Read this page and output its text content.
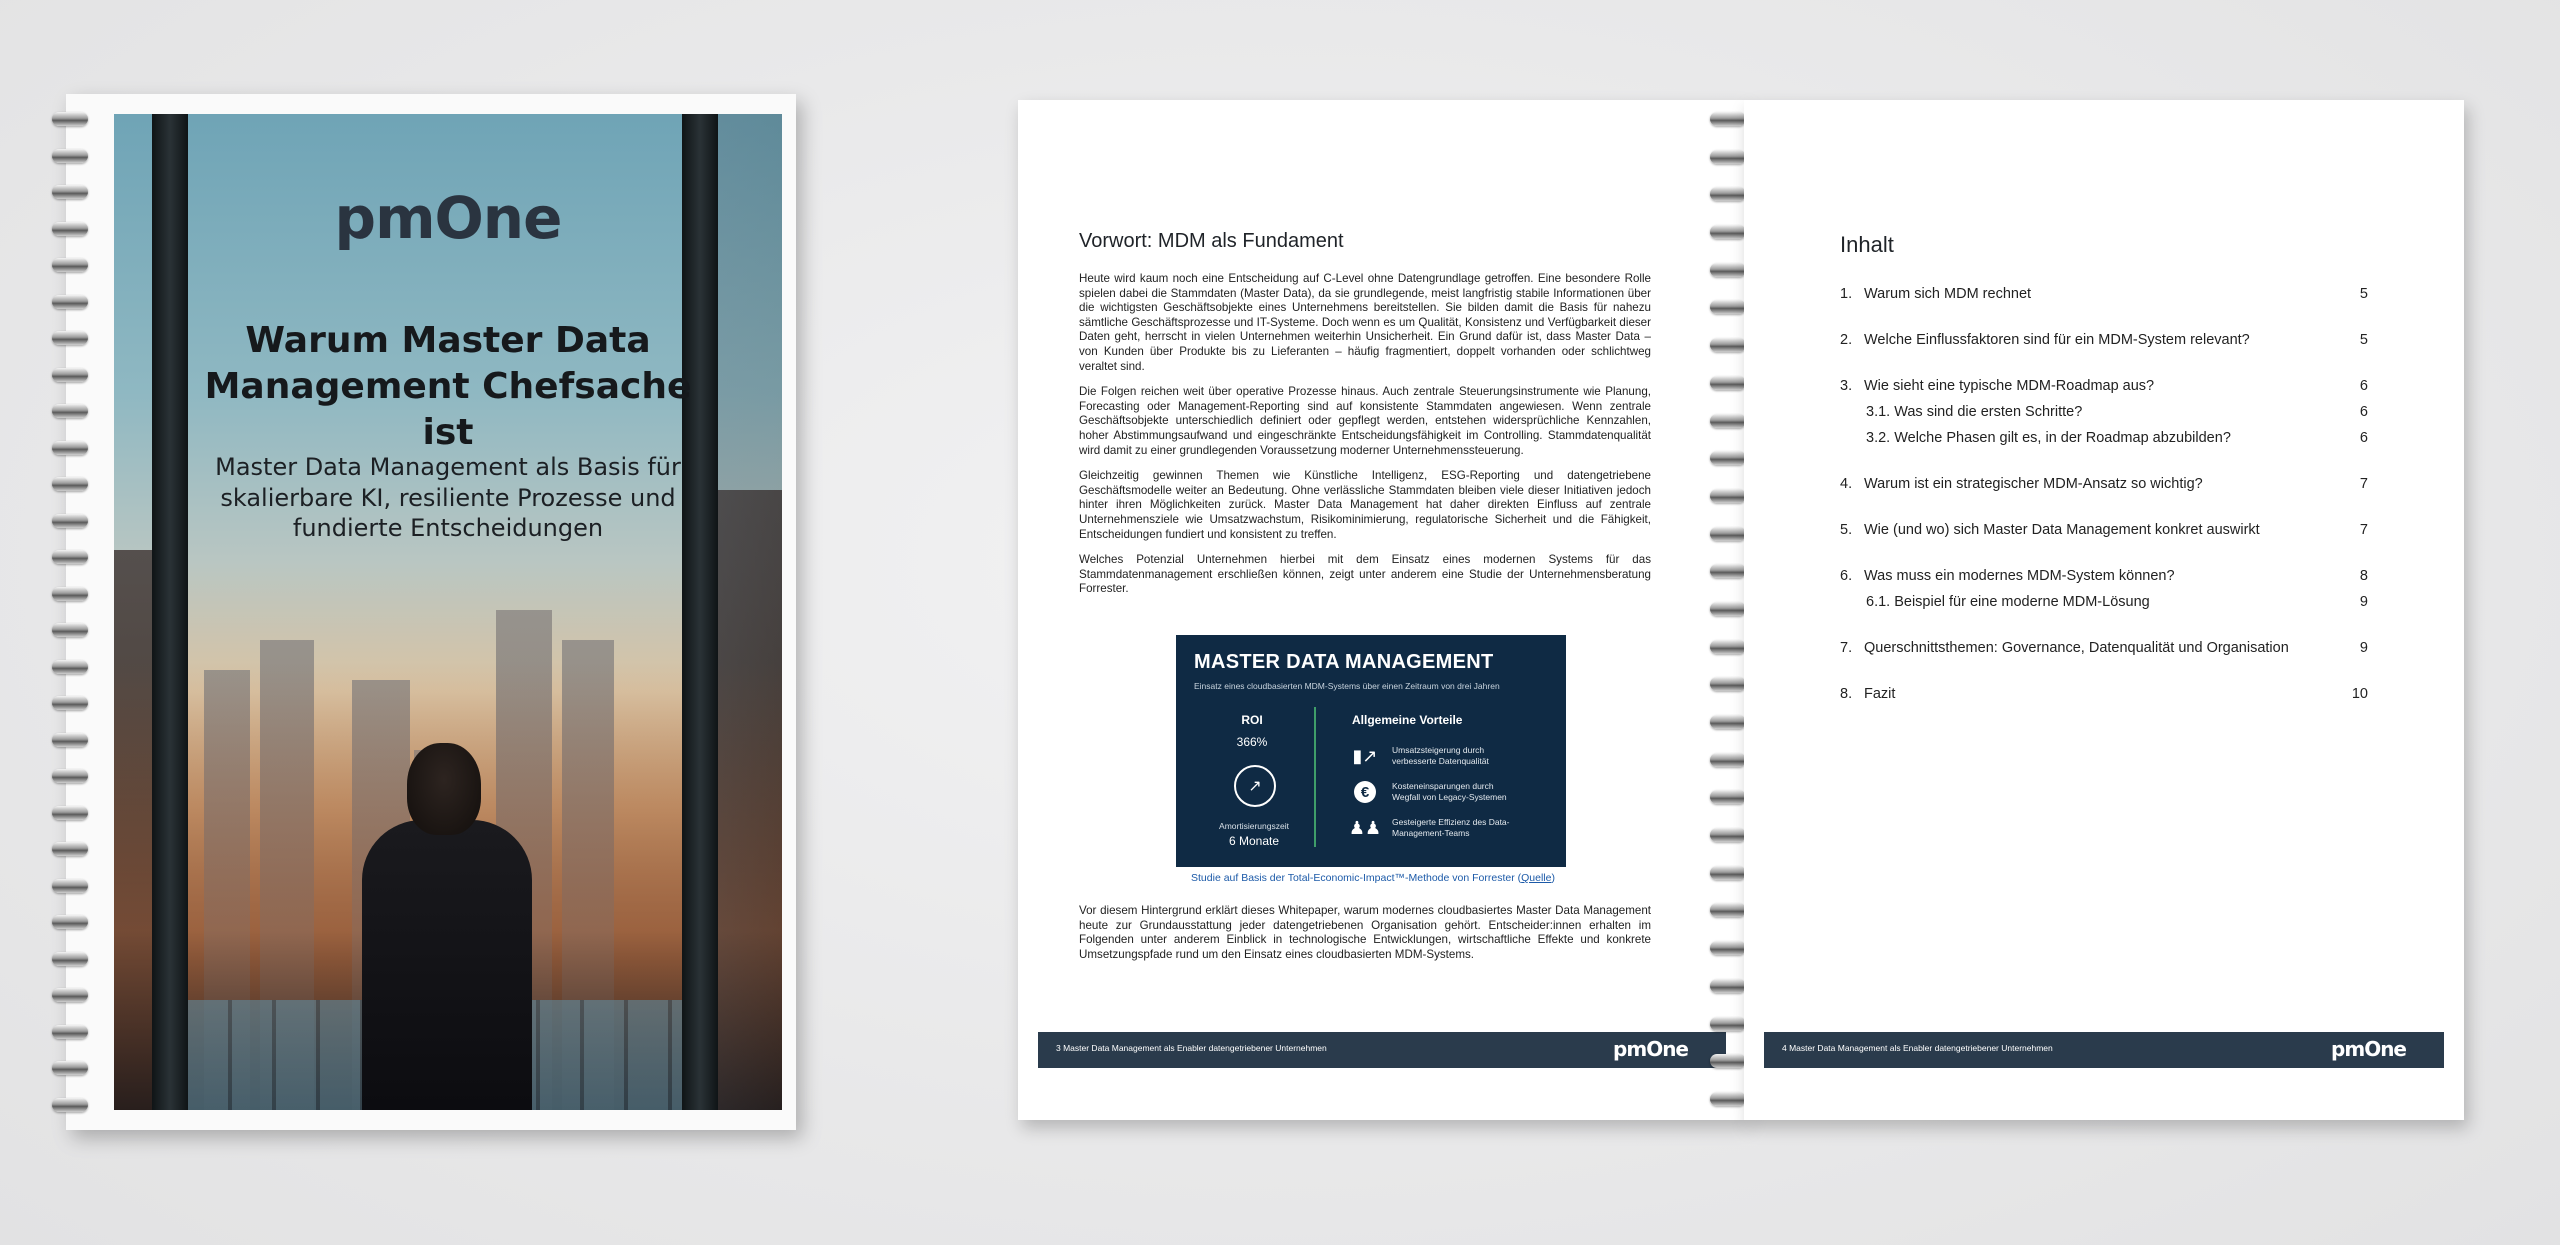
pmOne
Warum Master Data Management Chefsache ist
Master Data Management als Basis für skalierbare KI, resiliente Prozesse und fundierte Entscheidungen
Vorwort: MDM als Fundament

Heute wird kaum noch eine Entscheidung auf C-Level ohne Datengrundlage getroffen. Eine besondere Rolle spielen dabei die Stammdaten (Master Data), da sie grundlegende, meist langfristig stabile Informationen über die wichtigsten Geschäftsobjekte eines Unternehmens bereitstellen. Sie bilden damit die Basis für nahezu sämtliche Geschäftsprozesse und IT-Systeme. Doch wenn es um Qualität, Konsistenz und Verfügbarkeit dieser Daten geht, herrscht in vielen Unternehmen weiterhin Unsicherheit. Ein Grund dafür ist, dass Master Data – von Kunden über Produkte bis zu Lieferanten – häufig fragmentiert, doppelt vorhanden oder schlichtweg veraltet sind.

Die Folgen reichen weit über operative Prozesse hinaus. Auch zentrale Steuerungsinstrumente wie Planung, Forecasting oder Management-Reporting sind auf konsistente Stammdaten angewiesen. Wenn zentrale Geschäftsobjekte unterschiedlich definiert oder gepflegt werden, entstehen widersprüchliche Kennzahlen, hoher Abstimmungsaufwand und eingeschränkte Entscheidungsfähigkeit im Controlling. Stammdatenqualität wird damit zu einer grundlegenden Voraussetzung moderner Unternehmenssteuerung.

Gleichzeitig gewinnen Themen wie Künstliche Intelligenz, ESG-Reporting und datengetriebene Geschäftsmodelle weiter an Bedeutung. Ohne verlässliche Stammdaten bleiben viele dieser Initiativen jedoch hinter ihren Möglichkeiten zurück. Master Data Management hat daher direkten Einfluss auf zentrale Unternehmensziele wie Umsatzwachstum, Risikominimierung, regulatorische Sicherheit und die Fähigkeit, Entscheidungen fundiert und konsistent zu treffen.

Welches Potenzial Unternehmen hierbei mit dem Einsatz eines modernen Systems für das Stammdatenmanagement erschließen können, zeigt unter anderem eine Studie der Unternehmensberatung Forrester.

MASTER DATA MANAGEMENT
Einsatz eines cloudbasierten MDM-Systems über einen Zeitraum von drei Jahren
ROI
366%
↗
Amortisierungszeit
6 Monate
Allgemeine Vorteile
▮↗ Umsatzsteigerung durch verbesserte Datenqualität
€	Kosteneinsparungen durch Wegfall von Legacy-Systemen
♟♟ Gesteigerte Effizienz des Data-Management-Teams
Studie auf Basis der Total-Economic-Impact™-Methode von Forrester (Quelle)
Vor diesem Hintergrund erklärt dieses Whitepaper, warum modernes cloudbasiertes Master Data Management heute zur Grundausstattung jeder datengetriebenen Organisation gehört. Entscheider:innen erhalten im Folgenden unter anderem Einblick in technologische Entwicklungen, wirtschaftliche Effekte und konkrete Umsetzungspfade rund um den Einsatz eines cloudbasierten MDM-Systems.
3 Master Data Management als Enabler datengetriebener Unternehmen	pmOne
Inhalt
1. Warum sich MDM rechnet	5
2. Welche Einflussfaktoren sind für ein MDM-System relevant?	5
3. Wie sieht eine typische MDM-Roadmap aus?	6
3.1. Was sind die ersten Schritte?	6
3.2. Welche Phasen gilt es, in der Roadmap abzubilden?	6
4. Warum ist ein strategischer MDM-Ansatz so wichtig?	7
5. Wie (und wo) sich Master Data Management konkret auswirkt	7
6. Was muss ein modernes MDM-System können?	8
6.1. Beispiel für eine moderne MDM-Lösung	9
7. Querschnittsthemen: Governance, Datenqualität und Organisation	9
8. Fazit	10
4 Master Data Management als Enabler datengetriebener Unternehmen	pmOne
